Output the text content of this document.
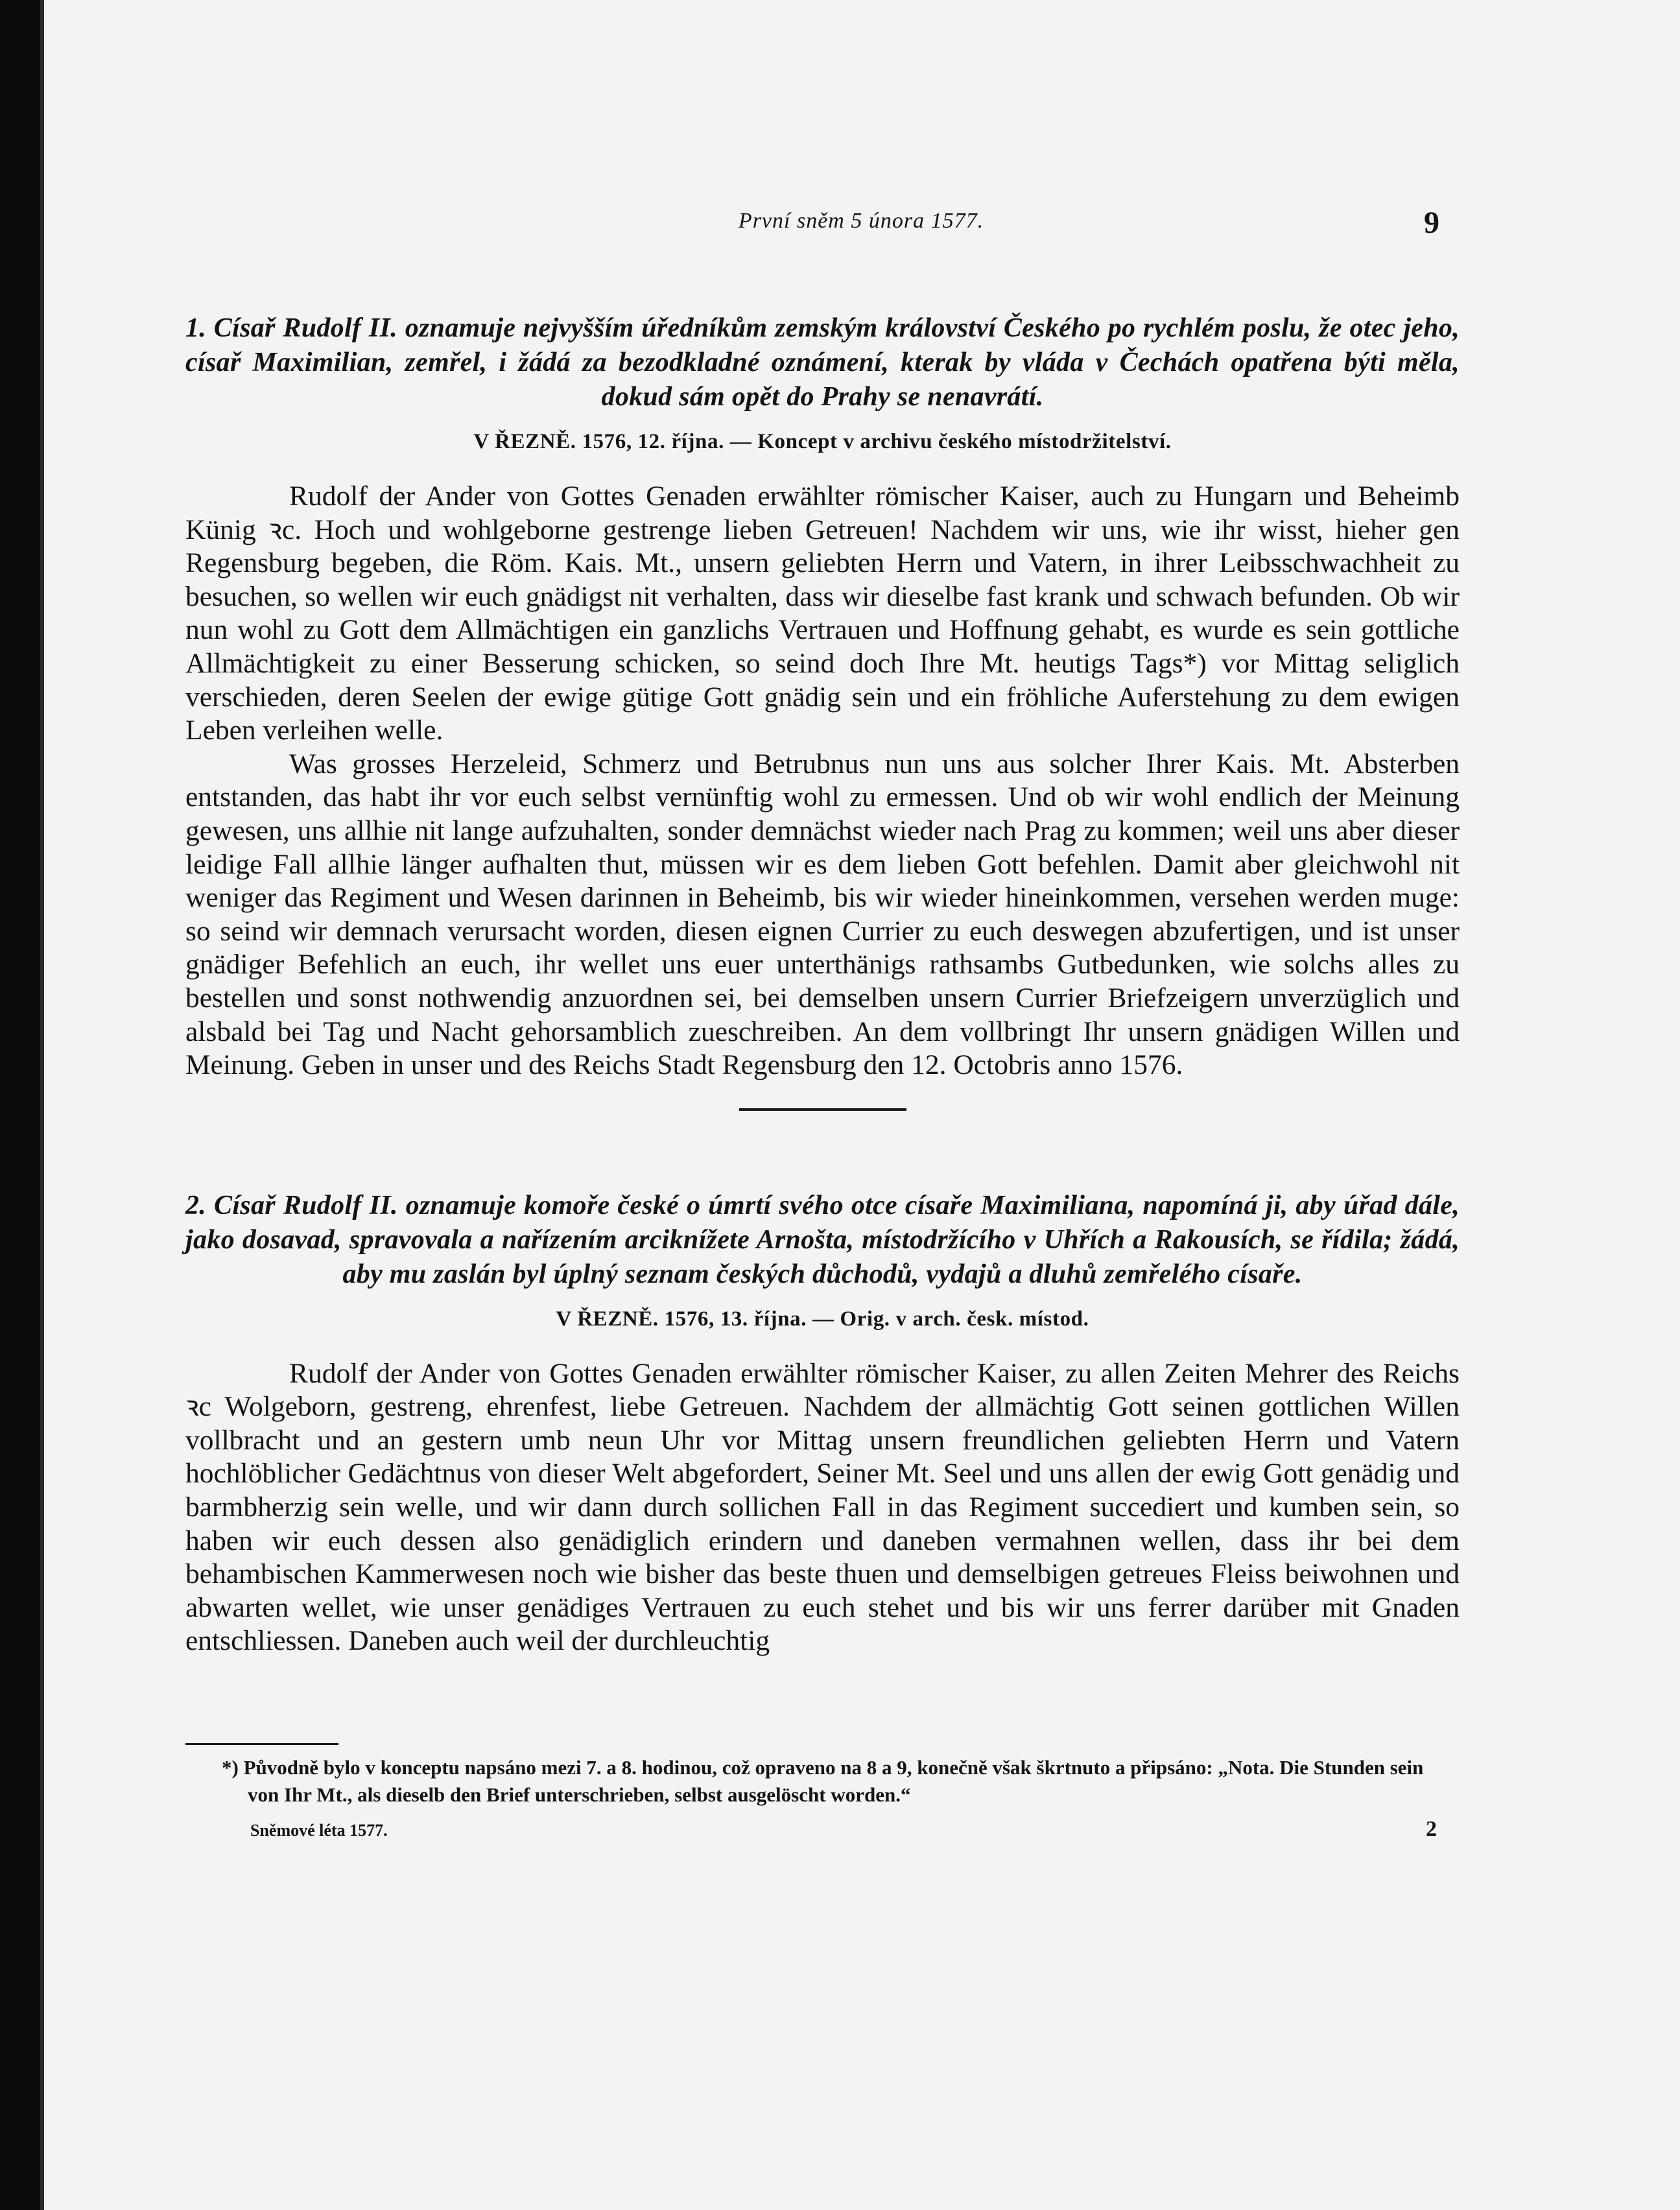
První sněm 5 února 1577.	9

1. Císař Rudolf II. oznamuje nejvyšším úředníkům zemským království Českého po rychlém poslu, že otec jeho, císař Maximilian, zemřel, i žádá za bezodkladné oznámení, kterak by vláda v Čechách opatřena býti měla, dokud sám opět do Prahy se nenavrátí.

V ŘEZNĚ. 1576, 12. října. — Koncept v archivu českého místodržitelství.

Rudolf der Ander von Gottes Genaden erwählter römischer Kaiser, auch zu Hungarn und Beheimb Künig ꝛc. Hoch und wohlgeborne gestrenge lieben Getreuen! Nachdem wir uns, wie ihr wisst, hieher gen Regensburg begeben, die Röm. Kais. Mt., unsern geliebten Herrn und Vatern, in ihrer Leibsschwachheit zu besuchen, so wellen wir euch gnädigst nit verhalten, dass wir dieselbe fast krank und schwach befunden. Ob wir nun wohl zu Gott dem Allmächtigen ein ganzlichs Vertrauen und Hoffnung gehabt, es wurde es sein gottliche Allmächtigkeit zu einer Besserung schicken, so seind doch Ihre Mt. heutigs Tags*) vor Mittag seliglich verschieden, deren Seelen der ewige gütige Gott gnädig sein und ein fröhliche Auferstehung zu dem ewigen Leben verleihen welle.

Was grosses Herzeleid, Schmerz und Betrubnus nun uns aus solcher Ihrer Kais. Mt. Absterben entstanden, das habt ihr vor euch selbst vernünftig wohl zu ermessen. Und ob wir wohl endlich der Meinung gewesen, uns allhie nit lange aufzuhalten, sonder demnächst wieder nach Prag zu kommen; weil uns aber dieser leidige Fall allhie länger aufhalten thut, müssen wir es dem lieben Gott befehlen. Damit aber gleichwohl nit weniger das Regiment und Wesen darinnen in Beheimb, bis wir wieder hineinkommen, versehen werden muge: so seind wir demnach verursacht worden, diesen eignen Currier zu euch deswegen abzufertigen, und ist unser gnädiger Befehlich an euch, ihr wellet uns euer unterthänigs rathsambs Gutbedunken, wie solchs alles zu bestellen und sonst nothwendig anzuordnen sei, bei demselben unsern Currier Briefzeigern unverzüglich und alsbald bei Tag und Nacht gehorsamblich zueschreiben. An dem vollbringt Ihr unsern gnädigen Willen und Meinung. Geben in unser und des Reichs Stadt Regensburg den 12. Octobris anno 1576.

2. Císař Rudolf II. oznamuje komoře české o úmrtí svého otce císaře Maximiliana, napomíná ji, aby úřad dále, jako dosavad, spravovala a nařízením arciknížete Arnošta, místodržícího v Uhřích a Rakousích, se řídila; žádá, aby mu zaslán byl úplný seznam českých důchodů, vydajů a dluhů zemřelého císaře.

V ŘEZNĚ. 1576, 13. října. — Orig. v arch. česk. místod.

Rudolf der Ander von Gottes Genaden erwählter römischer Kaiser, zu allen Zeiten Mehrer des Reichs ꝛc Wolgeborn, gestreng, ehrenfest, liebe Getreuen. Nachdem der allmächtig Gott seinen gottlichen Willen vollbracht und an gestern umb neun Uhr vor Mittag unsern freundlichen geliebten Herrn und Vatern hochlöblicher Gedächtnus von dieser Welt abgefordert, Seiner Mt. Seel und uns allen der ewig Gott genädig und barmbherzig sein welle, und wir dann durch sollichen Fall in das Regiment succediert und kumben sein, so haben wir euch dessen also genädiglich erindern und daneben vermahnen wellen, dass ihr bei dem behambischen Kammerwesen noch wie bisher das beste thuen und demselbigen getreues Fleiss beiwohnen und abwarten wellet, wie unser genädiges Vertrauen zu euch stehet und bis wir uns ferrer darüber mit Gnaden entschliessen. Daneben auch weil der durchleuchtig

*) Původně bylo v konceptu napsáno mezi 7. a 8. hodinou, což opraveno na 8 a 9, konečně však škrtnuto a připsáno: „Nota. Die Stunden sein von Ihr Mt., als dieselb den Brief unterschrieben, selbst ausgelöscht worden.“

Sněmové léta 1577.	2
